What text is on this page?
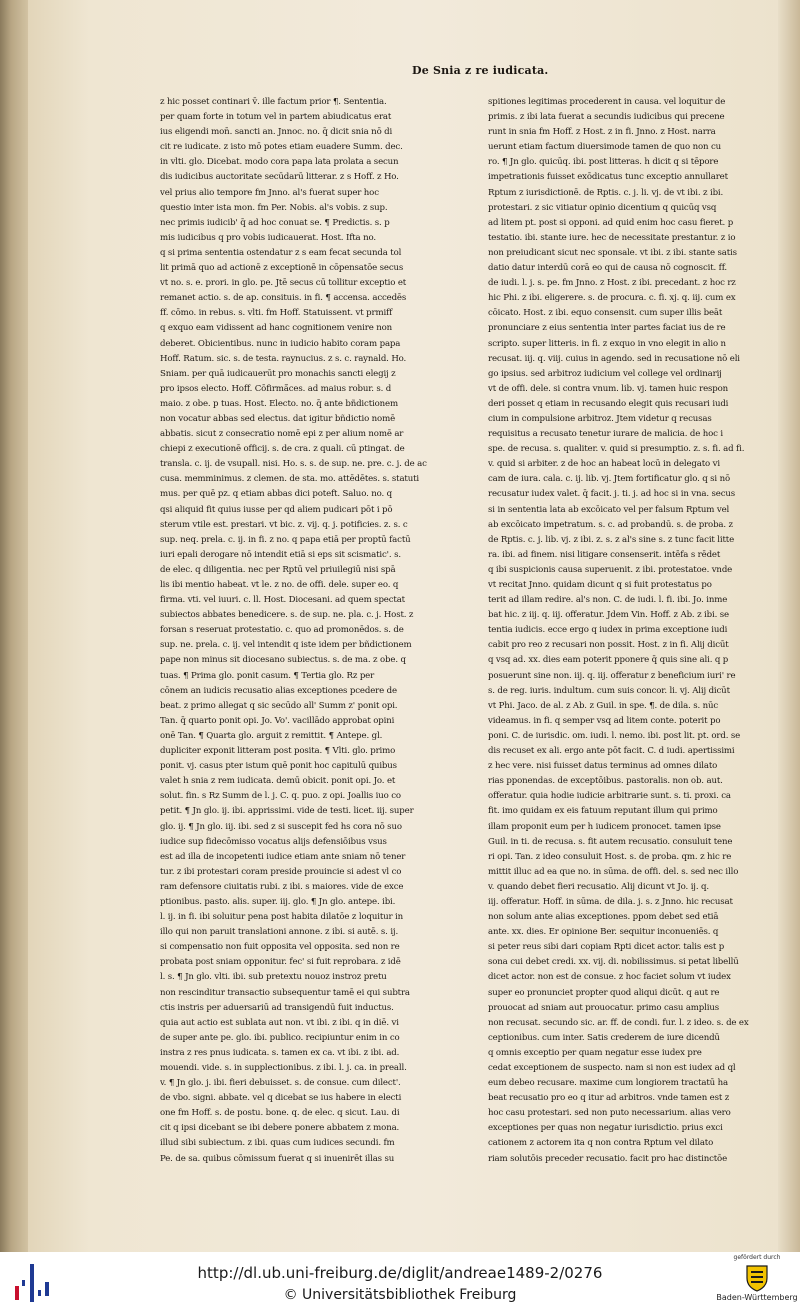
De Snia z re iudicata.
z hic posset continari v̄. ille factum prior ¶. Sententia.
per quam forte in totum vel in partem abiudicatus erat
ius eligendi mon̄. sancti an. Jnnoc. no. q̄ dicit snia nō di
cit re iudicate. z isto mō potes etiam euadere Summ. dec.
in vlti. glo. Dicebat. modo cora papa lata prolata a secun
dis iudicibus auctoritate secūdarū litterar. z s Hoff. z Ho.
vel prius alio tempore fm Jnno. al's fuerat super hoc
questio inter ista mon. fm Per. Nobis. al's vobis. z sup.
nec primis iudicib' q̄ ad hoc conuat se. ¶ Predictis. s. p
mis iudicibus q pro vobis iudicauerat. Host. Ifta no.
q si prima sententia ostendatur z s eam fecat secunda tol
lit primā quo ad actionē z exceptionē in cōpensatōe secus
vt no. s. e. prori. in glo. pe. Jtē secus cū tollitur exceptio et
remanet actio. s. de ap. consituis. in fi. ¶ accensa. accedēs
ff. cōmo. in rebus. s. vlti. fm Hoff. Statuissent. vt prmiff
q exquo eam vidissent ad hanc cognitionem venire non
deberet. Obicientibus. nunc in iudicio habito coram papa
Hoff. Ratum. sic. s. de testa. raynucius. z s. c. raynald. Ho.
Sniam. per quā iudicauerūt pro monachis sancti elegij z
pro ipsos electo. Hoff. Cōfirmā̄ces. ad maius robur. s. d
maio. z obe. p tuas. Host. Electo. no. q̄ ante bñdictionem
non vocatur abbas sed electus. dat igitur bñdictio nomē
abbatis. sicut z consecratio nomē epi z per alium nomē ar
chiepi z executionē officij. s. de cra. z quali. cū ptingat. de
transla. c. ij. de vsupall. nisi. Ho. s. s. de sup. ne. pre. c. j. de ac
cusa. memminimus. z clemen. de sta. mo. attēdētes. s. statuti
mus. per quē pz. q etiam abbas dici poteft. Saluo. no. q
qsi aliquid fit quius iusse per qd aliem pudicari pōt i pō
sterum vtile est. prestari. vt bic. z. vij. q. j. potificies. z. s. c
sup. neq. prela. c. ij. in fi. z no. q papa etiā per proptū factū
iuri epali derogare nō intendit etiā si eps sit scismatic'. s.
de elec. q diligentia. nec per Rptū vel priuilegiū nisi spā
lis ibi mentio habeat. vt le. z no. de offi. dele. super eo. q
firma. vti. vel iuuri. c. ll. Host. Diocesani. ad quem spectat
subiectos abbates benedicere. s. de sup. ne. pla. c. j. Host. z
forsan s reseruat protestatio. c. quo ad promonēdos. s. de
sup. ne. prela. c. ij. vel intendit q iste idem per bñdictionem
pape non minus sit diocesano subiectus. s. de ma. z obe. q
tuas. ¶ Prima glo. ponit casum. ¶ Tertia glo. Rz per
cōnem an iudicis recusatio alias exceptiones pcedere de
beat. z primo allegat q sic secūdo all' Summ z' ponit opi.
Tan. q̄ quarto ponit opi. Jo. Vo'. vacillādo approbat opini
onē Tan. ¶ Quarta glo. arguit z remittit. ¶ Antepe. gl.
dupliciter exponit litteram post posita. ¶ Vlti. glo. primo
ponit. vj. casus pter istum quē ponit hoc capitulū quibus
valet h snia z rem iudicata. demū obicit. ponit opi. Jo. et
solut. fin. s Rz Summ de l. j. C. q. puo. z opi. Joallis iuo co
petit. ¶ Jn glo. ij. ibi. apprissimi. vide de testi. licet. iij. super
glo. ij. ¶ Jn glo. iij. ibi. sed z si suscepit fed hs cora nō suo
iudice sup fidecōmisso vocatus alijs defensiōibus vsus
est ad illa de incopetenti iudice etiam ante sniam nō tener
tur. z ibi protestari coram preside prouincie si adest vl co
ram defensore ciuitatis rubi. z ibi. s maiores. vide de exce
ptionibus. pasto. alis. super. iij. glo. ¶ Jn glo. antepe. ibi.
l. ij. in fi. ibi soluitur pena post habita dilatōe z loquitur in
illo qui non paruit translationi annone. z ibi. si autē. s. ij.
si compensatio non fuit opposita vel opposita. sed non re
probata post sniam opponitur. fec' si fuit reprobara. z idē
l. s. ¶ Jn glo. vlti. ibi. sub pretextu nouoz instroz pretu
non rescinditur transactio subsequentur tamē ei qui subtra
ctis instris per aduersariū ad transigendū fuit inductus.
quia aut actio est sublata aut non. vt ibi. z ibi. q in diē. vi
de super ante pe. glo. ibi. publico. recipiuntur enim in co
instra z res pnus iudicata. s. tamen ex ca. vt ibi. z ibi. ad.
mouendi. vide. s. in supplectionibus. z ibi. l. j. ca. in preall.
v. ¶ Jn glo. j. ibi. fieri debuisset. s. de consue. cum dilect'.
de vbo. signi. abbate. vel q dicebat se ius habere in electi
one fm Hoff. s. de postu. bone. q. de elec. q sicut. Lau. di
cit q ipsi dicebant se ibi debere ponere abbatem z mona.
illud sibi subiectum. z ibi. quas cum iudices secundi. fm
Pe. de sa. quibus cōmissum fuerat q si inuenirēt illas su
spitiones legitimas procederent in causa. vel loquitur de
primis. z ibi lata fuerat a secundis iudicibus qui precene
runt in snia fm Hoff. z Host. z in fi. Jnno. z Host. narra
uerunt etiam factum diuersimode tamen de quo non cu
ro. ¶ Jn glo. quicūq. ibi. post litteras. h dicit q si tēpore
impetrationis fuisset exōdicatus tunc exceptio annullaret
Rptum z iurisdictionē. de Rptis. c. j. li. vj. de vt ibi. z ibi.
protestari. z sic vitiatur opinio dicentium q quicūq vsq
ad litem pt. post si opponi. ad quid enim hoc casu fieret. p
testatio. ibi. stante iure. hec de necessitate prestantur. z io
non preiudicant sicut nec sponsale. vt ibi. z ibi. stante satis
datio datur interdū corā eo qui de causa nō cognoscit. ff.
de iudi. l. j. s. pe. fm Jnno. z Host. z ibi. precedant. z hoc rz
hic Phi. z ibi. eligerere. s. de procura. c. fi. xj. q. iij. cum ex
cōicato. Host. z ibi. equo consensit. cum super illis beāt
pronunciare z eius sententia inter partes faciat ius de re
scripto. super litteris. in fi. z exquo in vno elegit in alio n
recusat. iij. q. viij. cuius in agendo. sed in recusatione nō eli
go ipsius. sed arbitroz iudicium vel college vel ordinarij
vt de offi. dele. si contra vnum. lib. vj. tamen huic respon
deri posset q etiam in recusando elegit quis recusari iudi
cium in compulsione arbitroz. Jtem videtur q recusas
requisitus a recusato tenetur iurare de malicia. de hoc i
spe. de recusa. s. qualiter. v. quid si presumptio. z. s. fi. ad fi.
v. quid si arbiter. z de hoc an habeat locū in delegato vi
cam de iura. cala. c. ij. lib. vj. Jtem fortificatur glo. q si nō
recusatur iudex valet. q̄ facit. j. ti. j. ad hoc si in vna. secus
si in sententia lata ab excōicato vel per falsum Rptum vel
ab excōicato impetratum. s. c. ad probandū. s. de proba. z
de Rptis. c. j. lib. vj. z ibi. z. s. z al's sine s. z tunc facit litte
ra. ibi. ad finem. nisi litigare consenserit. intēfa s rēdet
q ibi suspicionis causa superuenit. z ibi. protestatoe. vnde
vt recitat Jnno. quidam dicunt q si fuit protestatus po
terit ad illam redire. al's non. C. de iudi. l. fi. ibi. Jo. inme
bat hic. z iij. q. iij. offeratur. Jdem Vin. Hoff. z Ab. z ibi. se
tentia iudicis. ecce ergo q iudex in prima exceptione iudi
cabit pro reo z recusari non possit. Host. z in fi. Alij dicūt
q vsq ad. xx. dies eam poterit pponere q̄ quis sine ali. q p
posuerunt sine non. iij. q. iij. offeratur z beneficium iuri' re
s. de reg. iuris. indultum. cum suis concor. li. vj. Alij dicūt
vt Phi. Jaco. de al. z Ab. z Guil. in spe. ¶. de dila. s. nūc
videamus. in fi. q semper vsq ad litem conte. poterit po
poni. C. de iurisdic. om. iudi. l. nemo. ibi. post lit. pt. ord. se
dis recuset ex ali. ergo ante pōt facit. C. d iudi. apertissimi
z hec vere. nisi fuisset datus terminus ad omnes dilato
rias pponendas. de exceptōibus. pastoralis. non ob. aut.
offeratur. quia hodie iudicie arbitrarie sunt. s. ti. proxi. ca
fit. imo quidam ex eis fatuum reputant illum qui primo
illam proponit eum per h iudicem pronocet. tamen ipse
Guil. in ti. de recusa. s. fit autem recusatio. consuluit tene
ri opi. Tan. z ideo consuluit Host. s. de proba. qm. z hic re
mittit illuc ad ea que no. in sūma. de offi. del. s. sed nec illo
v. quando debet fieri recusatio. Alij dicunt vt Jo. ij. q.
iij. offeratur. Hoff. in sūma. de dila. j. s. z Jnno. hic recusat
non solum ante alias exceptiones. ppom debet sed etiā
ante. xx. dies. Er opinione Ber. sequitur inconueniēs. q
si peter reus sibi dari copiam Rpti dicet actor. talis est p
sona cui debet credi. xx. vij. di. nobilissimus. si petat libellū
dicet actor. non est de consue. z hoc faciet solum vt iudex
super eo pronunciet propter quod aliqui dicūt. q aut re
prouocat ad sniam aut prouocatur. primo casu amplius
non recusat. secundo sic. ar. ff. de condi. fur. l. z ideo. s. de ex
ceptionibus. cum inter. Satis crederem de iure dicendū
q omnis exceptio per quam negatur esse iudex pre
cedat exceptionem de suspecto. nam si non est iudex ad ql
eum debeo recusare. maxime cum longiorem tractatū ha
beat recusatio pro eo q itur ad arbitros. vnde tamen est z
hoc casu protestari. sed non puto necessarium. alias vero
exceptiones per quas non negatur iurisdictio. prius exci
cationem z actorem ita q non contra Rptum vel dilato
riam solutōis preceder recusatio. facit pro hac distinctōe
http://dl.ub.uni-freiburg.de/diglit/andreae1489-2/0276
© Universitätsbibliothek Freiburg
gefördert durch
Baden-Württemberg
